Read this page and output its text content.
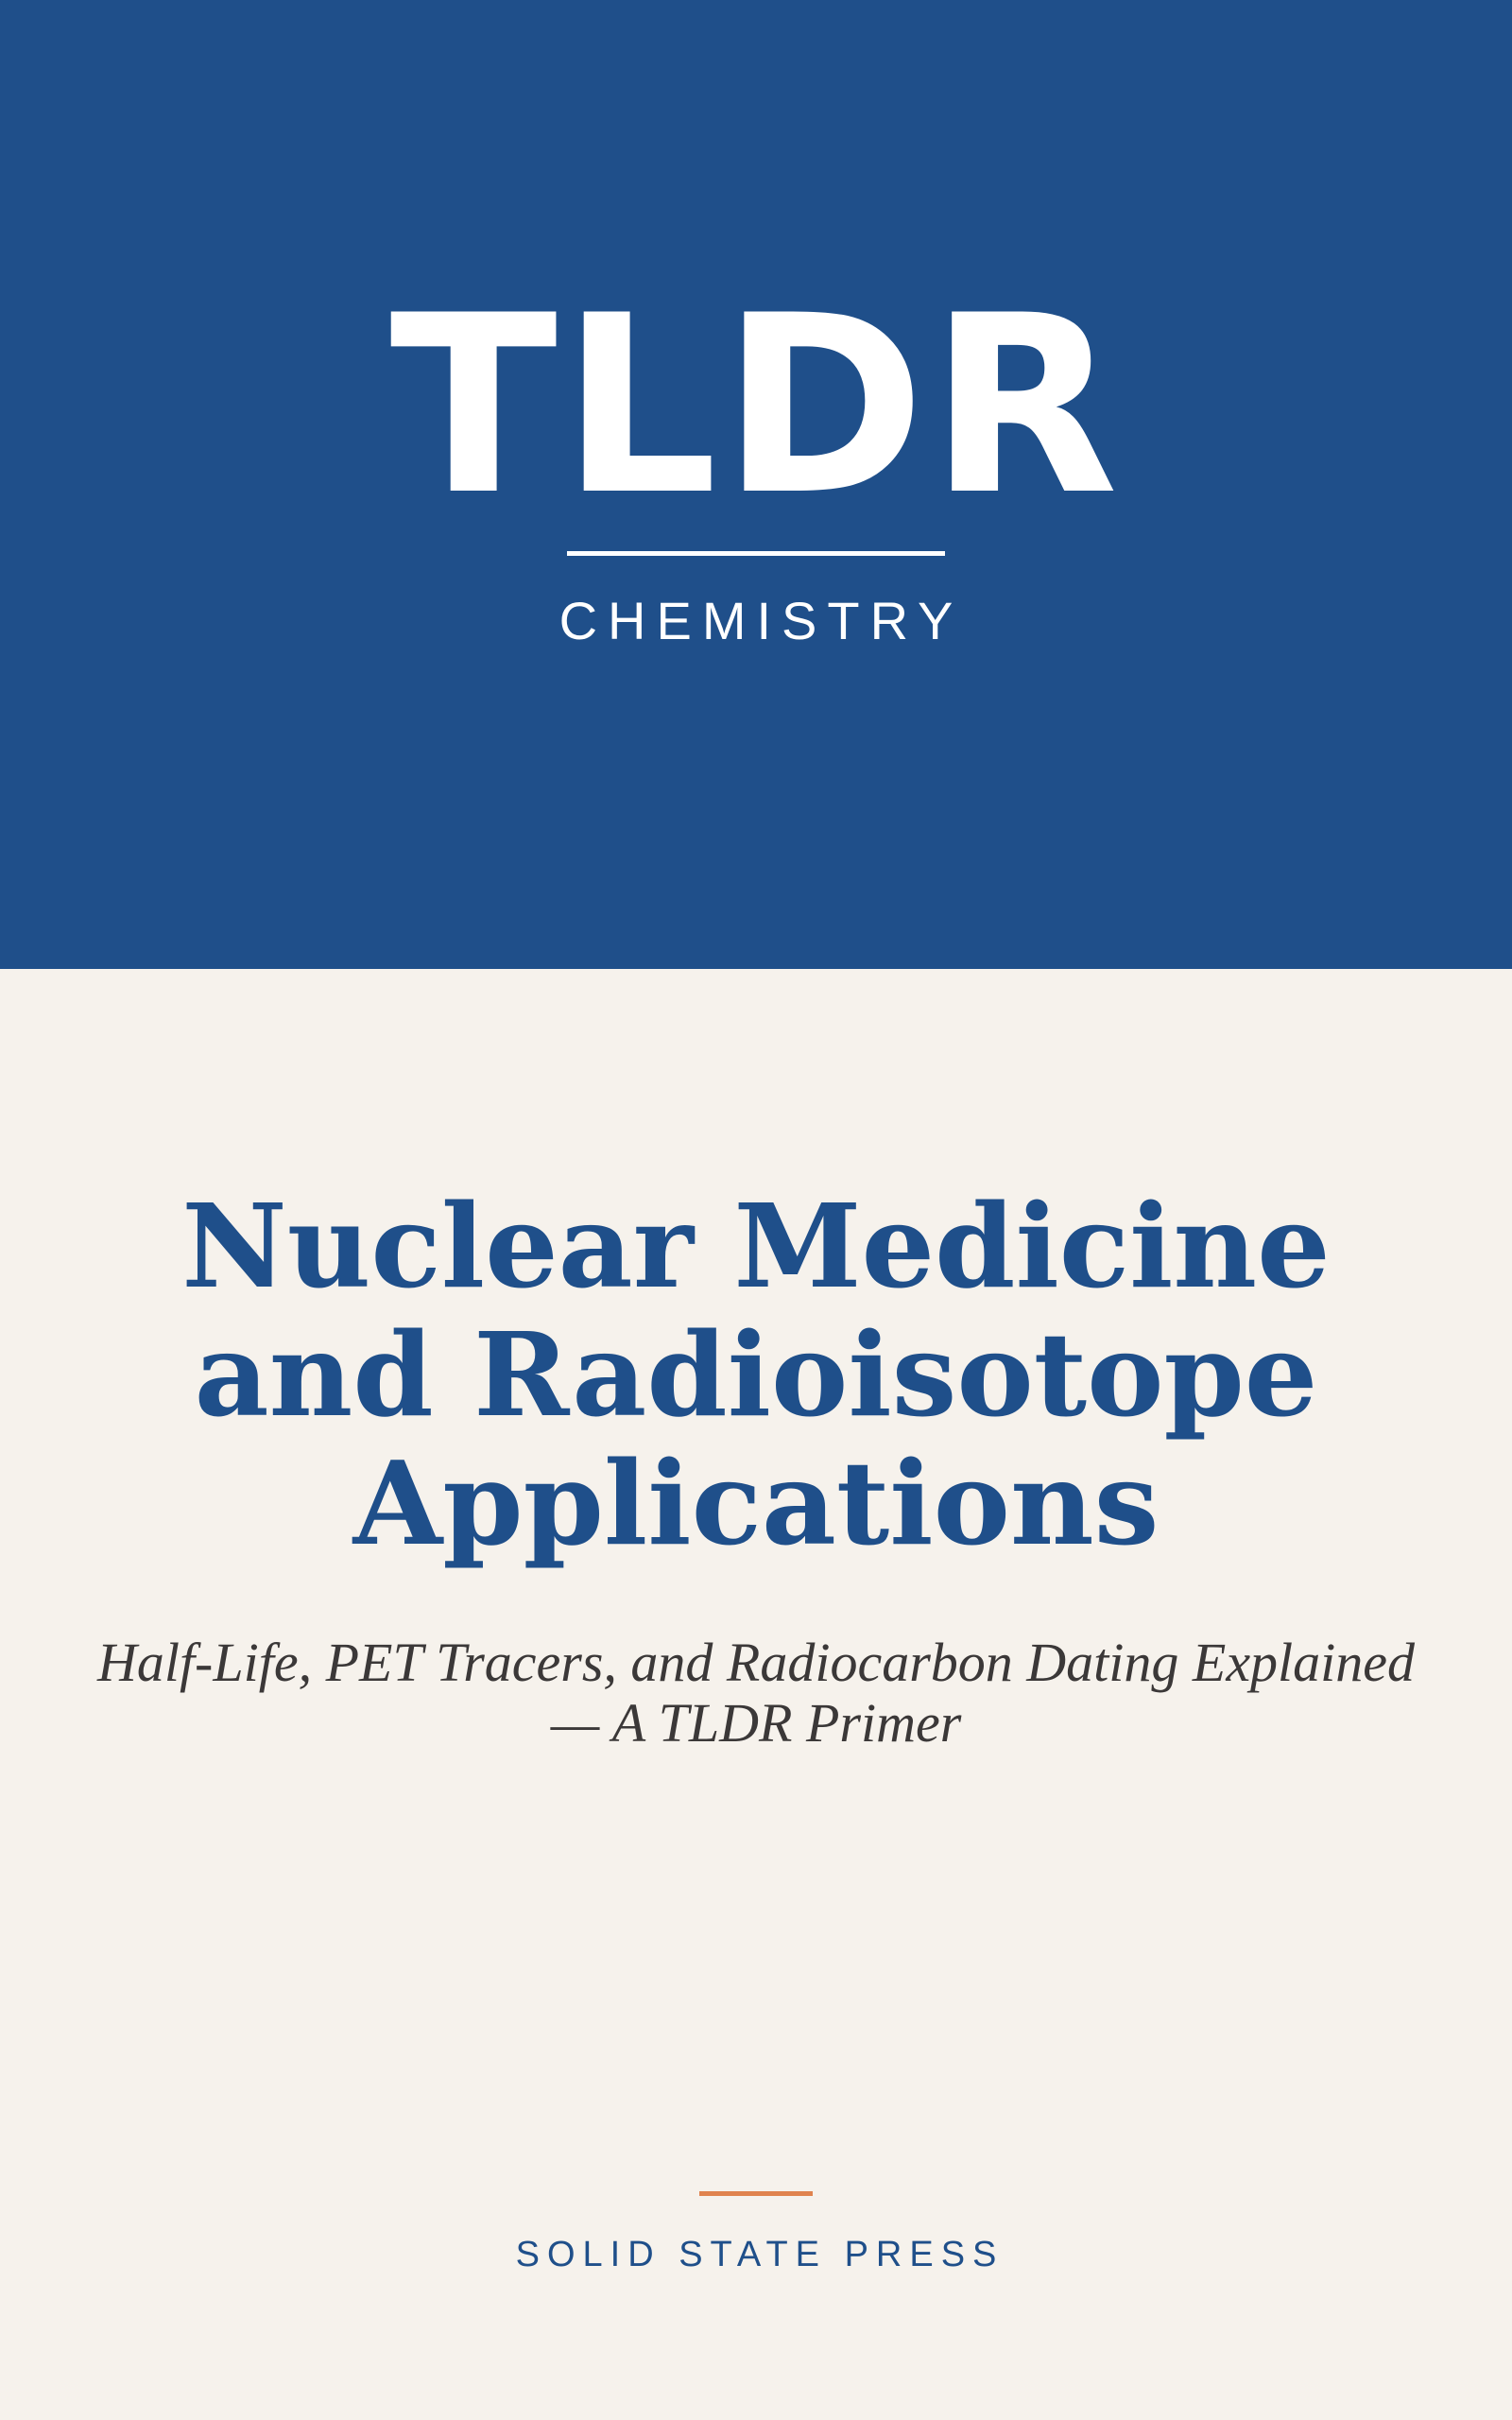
TLDR
CHEMISTRY
Nuclear Medicine and Radioisotope Applications

Half-Life, PET Tracers, and Radiocarbon Dating Explained — A TLDR Primer

SOLID STATE PRESS
